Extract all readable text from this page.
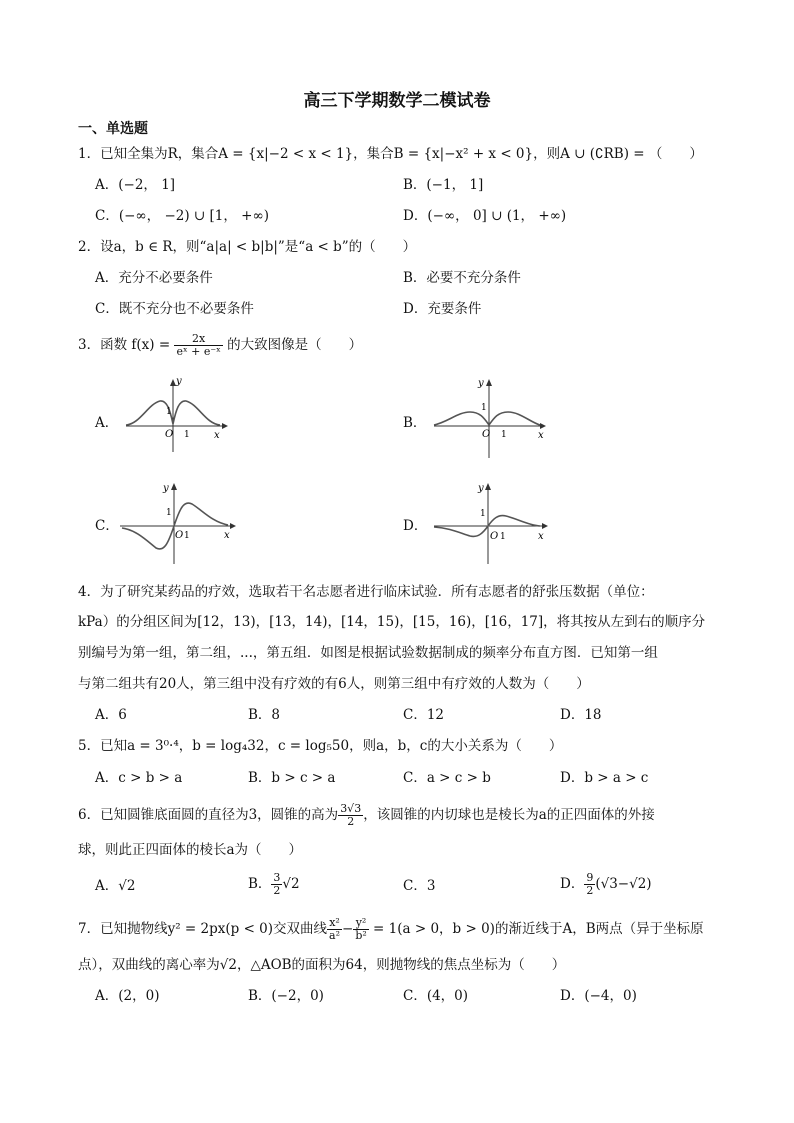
高三下学期数学二模试卷
一、单选题
1．已知全集为R，集合A = {x|−2 < x < 1}，集合B = {x|−x² + x < 0}，则A ∪ (∁RB) = （　　）
A．(−2， 1]	B．(−1， 1]
C．(−∞， −2) ∪ [1， +∞)	D．(−∞， 0] ∪ (1， +∞)
2．设a，b ∈ R，则“a|a| < b|b|”是“a < b”的（　　）
A．充分不必要条件	B．必要不充分条件
C．既不充分也不必要条件	D．充要条件
3．函数 $f(x) = \frac{2x}{\text{eˣ + e⁻ˣ}}$ 的大致图像是（　　）
A．	B．
C．	D．
y
x
O 1
1
y
x
O 1
1
y
x
O 1
1
y
x
O 1
1
4．为了研究某药品的疗效，选取若干名志愿者进行临床试验．所有志愿者的舒张压数据（单位：
kPa）的分组区间为[12，13)，[13，14)，[14，15)，[15，16)，[16，17]，将其按从左到右的顺序分
别编号为第一组，第二组，...，第五组．如图是根据试验数据制成的频率分布直方图．已知第一组
与第二组共有20人，第三组中没有疗效的有6人，则第三组中有疗效的人数为（　　）
A．6	B．8	C．12	D．18
5．已知a = 3⁰·⁴，b = log₄32，c = log₅50，则a，b，c的大小关系为（　　）
A．c > b > a	B．b > c > a	C．a > c > b	D．b > a > c
6．已知圆锥底面圆的直径为3，圆锥的高为 $\frac{3√3}{2}$ ，该圆锥的内切球也是棱长为a的正四面体的外接
球，则此正四面体的棱长a为（　　）
A．√2	B． $\frac{3}{2} √2$	C．3	D． $\frac{9}{2} (√3-√2)$
7．已知抛物线y² = 2px(p < 0)交双曲线 $\frac{\text{x²}}{\text{a²}} - \frac{\text{y²}}{\text{b²}} = 1(a > 0$，b > 0)的渐近线于A，B两点（异于坐标原
点），双曲线的离心率为√2，△AOB的面积为64，则抛物线的焦点坐标为（　　）
A．(2，0)	B．(−2，0)	C．(4，0)	D．(−4，0)
